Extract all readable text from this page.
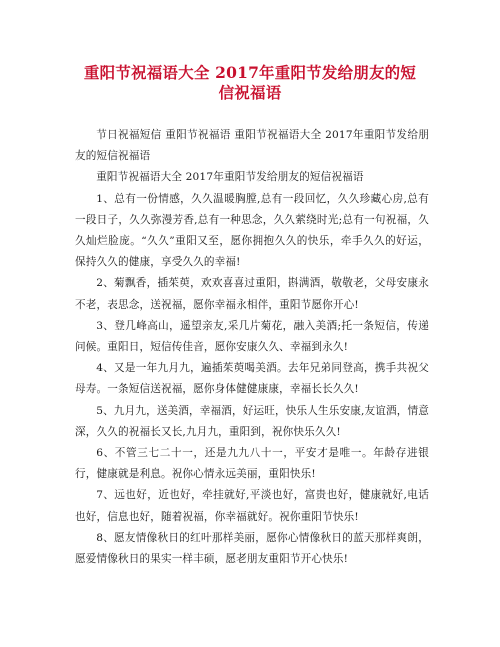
重阳节祝福语大全 2017年重阳节发给朋友的短
信祝福语

节日祝福短信 重阳节祝福语 重阳节祝福语大全 2017年重阳节发给朋友的短信祝福语

重阳节祝福语大全 2017年重阳节发给朋友的短信祝福语

1、总有一份情感，久久温暖胸膛,总有一段回忆，久久珍藏心房,总有一段日子，久久弥漫芳香,总有一种思念，久久萦绕时光;总有一句祝福，久久灿烂脸庞。“久久”重阳又至，愿你拥抱久久的快乐，牵手久久的好运，保持久久的健康，享受久久的幸福!

2、菊飘香，插茱萸，欢欢喜喜过重阳，斟满酒，敬敬老，父母安康永不老，表思念，送祝福，愿你幸福永相伴，重阳节愿你开心!

3、登几峰高山，遥望亲友,采几片菊花，融入美酒;托一条短信，传递问候。重阳日，短信传佳音，愿你安康久久、幸福到永久!

4、又是一年九月九，遍插茱萸喝美酒。去年兄弟同登高，携手共祝父母寿。一条短信送祝福，愿你身体健健康康，幸福长长久久!

5、九月九，送美酒，幸福酒，好运旺，快乐人生乐安康,友谊酒，情意深，久久的祝福长又长,九月九，重阳到，祝你快乐久久!

6、不管三七二十一，还是九九八十一，平安才是唯一。年龄存进银行，健康就是利息。祝你心情永远美丽，重阳快乐!

7、远也好，近也好，牵挂就好,平淡也好，富贵也好，健康就好,电话也好，信息也好，随着祝福，你幸福就好。祝你重阳节快乐!

8、愿友情像秋日的红叶那样美丽，愿你心情像秋日的蓝天那样爽朗，愿爱情像秋日的果实一样丰硕，愿老朋友重阳节开心快乐!
